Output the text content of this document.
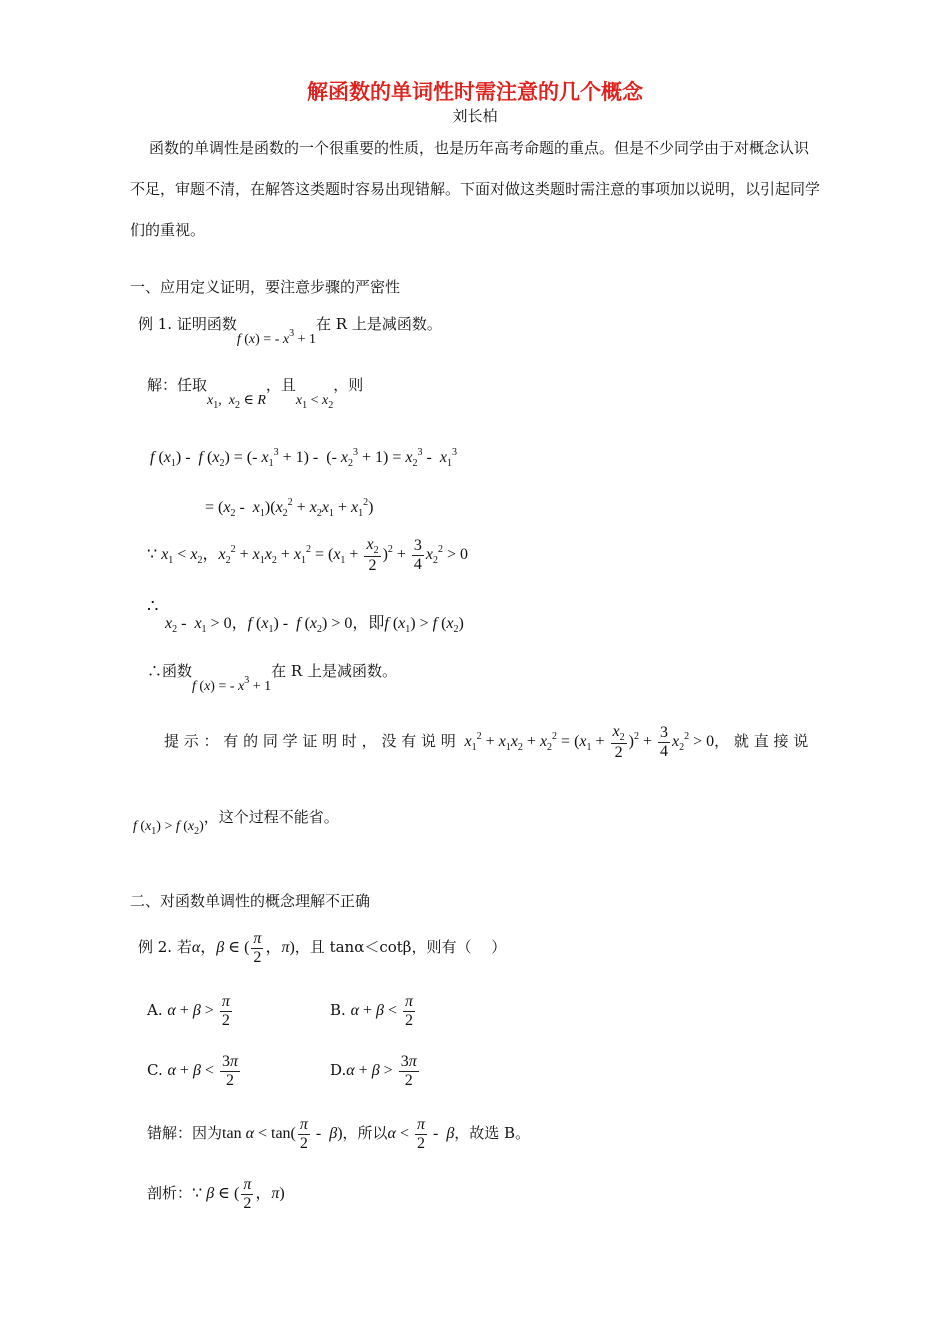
解函数的单词性时需注意的几个概念
刘长柏
函数的单调性是函数的一个很重要的性质，也是历年高考命题的重点。但是不少同学由于对概念认识不足，审题不清，在解答这类题时容易出现错解。下面对做这类题时需注意的事项加以说明，以引起同学们的重视。
一、应用定义证明，要注意步骤的严密性
例 1. 证明函数f (x) = - $x^3 + 1$在 R 上是减函数。
解：任取$x_1$,  $x_2$ ∈ R，且$x_1 < x_2$，则
f $(x_1)$ -  f $(x_2)$ = (- $x_1^3 + 1$) -  (- $x_2^3 + 1) = x_2^3 - x_1^3$
= $(x_2 - x_1)(x_2^2 + x_2x_1 + x_1^2)$
∵ $x_1 < x_2$，$x_2^2 + x_1x_2 + x_1^2 = (x_1 + \frac{x_2}{2} )^2 + \frac{3}{4} x_2^2 > 0$
∴
$x_2 - x_1 > 0$，f $(x_1)$ -  f $(x_2) > 0$，即f $(x_1) > f$ $(x_2)$
∴函数f (x) = - $x^3 + 1$在 R 上是减函数。
提 示 ： 有 的 同 学 证 明 时 ， 没 有 说 明 $x_1^2 + x_1x_2 + x_2^2 = (x_1 + \frac{x_2}{2} )^2 + \frac{3}{4} x_2^2 > 0$， 就 直 接 说
f $(x_1) > f$ $(x_2)$，这个过程不能省。
二、对函数单调性的概念理解不正确
例 2. 若α，β ∈ ( $\frac{\pi}{2}$ ，π)，且 tanα＜cotβ，则有（　 ）
A. $\alpha + \beta > \frac{\pi}{2}$	B. $\alpha + \beta < \frac{\pi}{2}$
C. $\alpha + \beta < \frac{3\pi}{2}$	$D.\alpha + \beta > \frac{3\pi}{2}$
错解：因为$\tan \alpha < \tan( \frac{\pi}{2} - \beta)$，所以$\alpha < \frac{\pi}{2} - \beta$，故选 B。
剖析：∵ β ∈ ( $\frac{\pi}{2}$ ，π)
